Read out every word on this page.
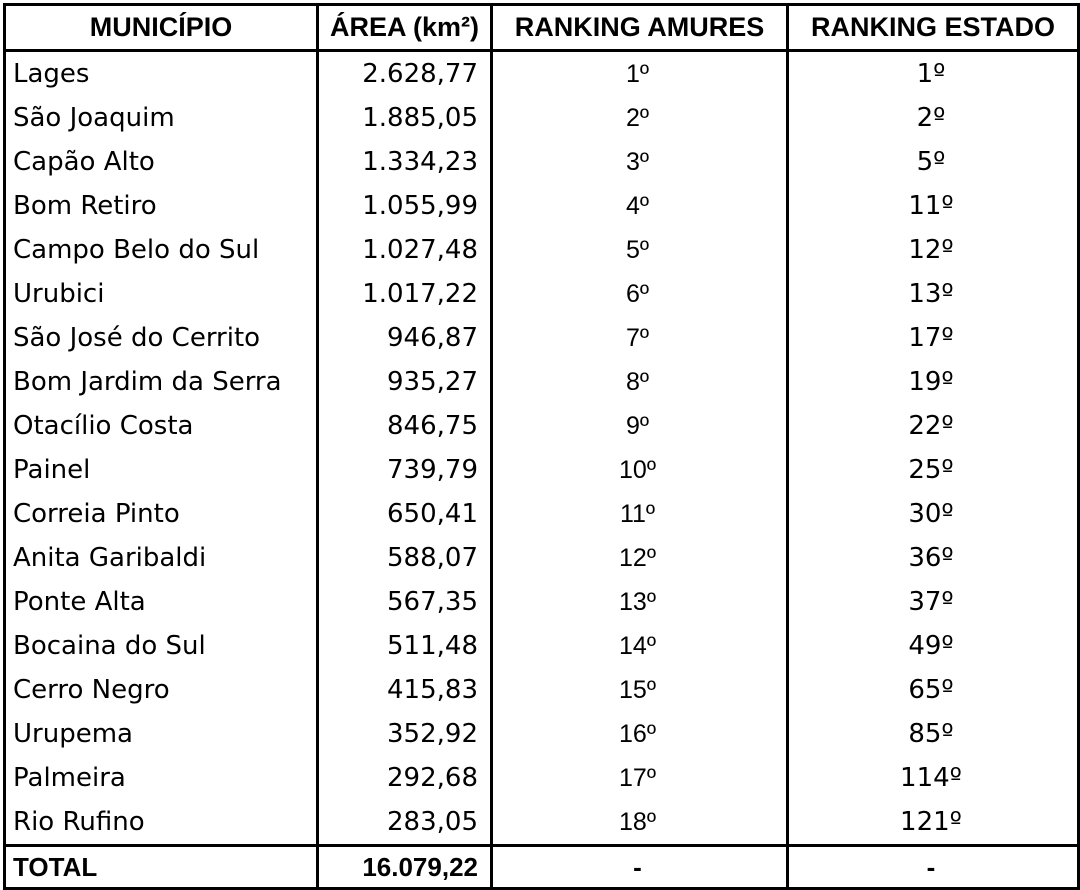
MUNICÍPIO	ÁREA (km²)	RANKING AMURES	RANKING ESTADO
Lages	2.628,77	1º	1º
São Joaquim	1.885,05	2º	2º
Capão Alto	1.334,23	3º	5º
Bom Retiro	1.055,99	4º	11º
Campo Belo do Sul	1.027,48	5º	12º
Urubici	1.017,22	6º	13º
São José do Cerrito	946,87	7º	17º
Bom Jardim da Serra	935,27	8º	19º
Otacílio Costa	846,75	9º	22º
Painel	739,79	10º	25º
Correia Pinto	650,41	11º	30º
Anita Garibaldi	588,07	12º	36º
Ponte Alta	567,35	13º	37º
Bocaina do Sul	511,48	14º	49º
Cerro Negro	415,83	15º	65º
Urupema	352,92	16º	85º
Palmeira	292,68	17º	114º
Rio Rufino	283,05	18º	121º
TOTAL	16.079,22	-	-
